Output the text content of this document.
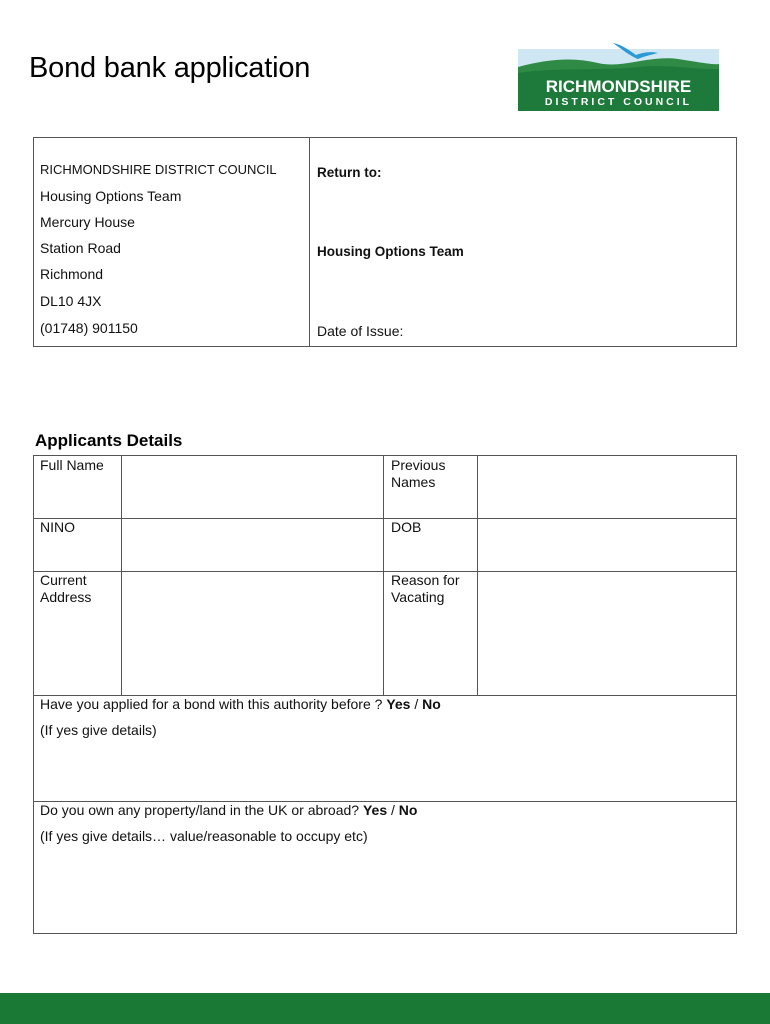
Bond bank application
RICHMONDSHIRE
DISTRICT COUNCIL
RICHMONDSHIRE DISTRICT COUNCIL
Housing Options Team
Mercury House
Station Road
Richmond
DL10 4JX
(01748) 901150
Return to:
Housing Options Team
Date of Issue:
Applicants Details
Full Name	Previous
Names
NINO	DOB
Current
Address
Reason for
Vacating
Have you applied for a bond with this authority before ? Yes / No
(If yes give details)
Do you own any property/land in the UK or abroad? Yes / No
(If yes give details… value/reasonable to occupy etc)
